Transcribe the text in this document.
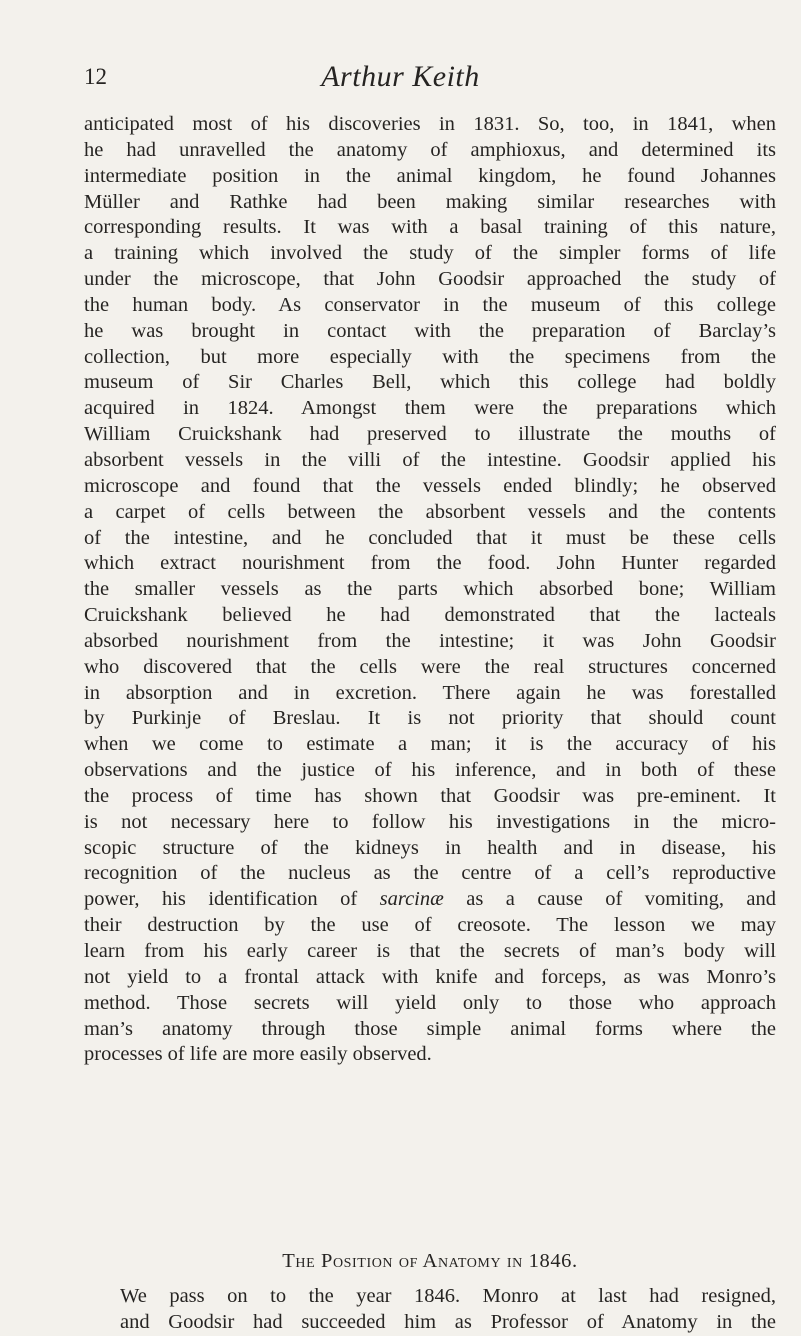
12	Arthur Keith
anticipated most of his discoveries in 1831. So, too, in 1841, when
he had unravelled the anatomy of amphioxus, and determined its
intermediate position in the animal kingdom, he found Johannes
Müller and Rathke had been making similar researches with
corresponding results. It was with a basal training of this nature,
a training which involved the study of the simpler forms of life
under the microscope, that John Goodsir approached the study of
the human body. As conservator in the museum of this college
he was brought in contact with the preparation of Barclay’s
collection, but more especially with the specimens from the
museum of Sir Charles Bell, which this college had boldly
acquired in 1824. Amongst them were the preparations which
William Cruickshank had preserved to illustrate the mouths of
absorbent vessels in the villi of the intestine. Goodsir applied his
microscope and found that the vessels ended blindly; he observed
a carpet of cells between the absorbent vessels and the contents
of the intestine, and he concluded that it must be these cells
which extract nourishment from the food. John Hunter regarded
the smaller vessels as the parts which absorbed bone; William
Cruickshank believed he had demonstrated that the lacteals
absorbed nourishment from the intestine; it was John Goodsir
who discovered that the cells were the real structures concerned
in absorption and in excretion. There again he was forestalled
by Purkinje of Breslau. It is not priority that should count
when we come to estimate a man; it is the accuracy of his
observations and the justice of his inference, and in both of these
the process of time has shown that Goodsir was pre-eminent. It
is not necessary here to follow his investigations in the micro-
scopic structure of the kidneys in health and in disease, his
recognition of the nucleus as the centre of a cell’s reproductive
power, his identification of sarcinæ as a cause of vomiting, and
their destruction by the use of creosote. The lesson we may
learn from his early career is that the secrets of man’s body will
not yield to a frontal attack with knife and forceps, as was Monro’s
method. Those secrets will yield only to those who approach
man’s anatomy through those simple animal forms where the
processes of life are more easily observed.
The Position of Anatomy in 1846.
We pass on to the year 1846. Monro at last had resigned,
and Goodsir had succeeded him as Professor of Anatomy in the
